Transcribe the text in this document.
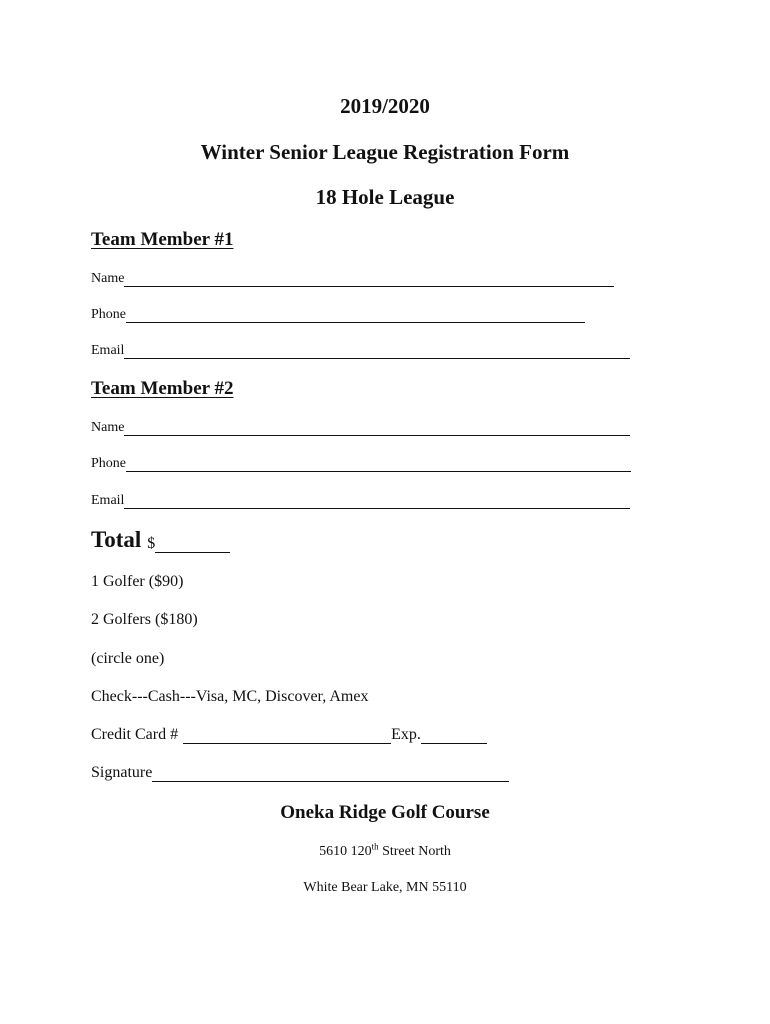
2019/2020
Winter Senior League Registration Form
18 Hole League
Team Member #1
Name
Phone
Email
Team Member #2
Name
Phone
Email
Total $
1 Golfer ($90)
2 Golfers ($180)
(circle one)
Check---Cash---Visa, MC, Discover, Amex
Credit Card #	Exp.
Signature
Oneka Ridge Golf Course
5610 120th Street North
White Bear Lake, MN 55110
